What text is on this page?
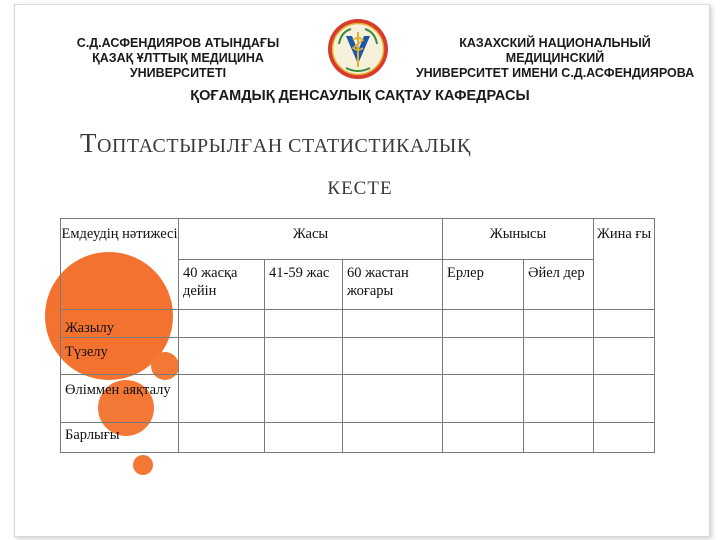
С.Д.АСФЕНДИЯРОВ АТЫНДАҒЫ
ҚАЗАҚ ҰЛТТЫҚ МЕДИЦИНА УНИВЕРСИТЕТІ
КАЗАХСКИЙ НАЦИОНАЛЬНЫЙ МЕДИЦИНСКИЙ
УНИВЕРСИТЕТ ИМЕНИ С.Д.АСФЕНДИЯРОВА
ҚОҒАМДЫҚ ДЕНСАУЛЫҚ САҚТАУ КАФЕДРАСЫ
ТОПТАСТЫРЫЛҒАН СТАТИСТИКАЛЫҚ
КЕСТЕ
Емдеудің нәтижесі	Жасы			Жынысы		Жина ғы
	40 жасқа дейін	41-59 жас	60 жастан жоғары	Ерлер	Әйел дер	
Жазылу						
Түзелу						
Өліммен аяқталу						
Барлығы						
